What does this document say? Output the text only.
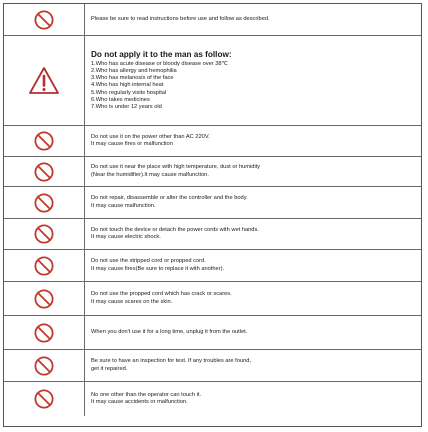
Please be sure to read instructions before use and follow as described.
Do not apply it to the man as follow:
1.Who has acute disease or bloody disease over 38℃
2.Who has allergy and hemophilia
3.Who has melanosis of the face
4.Who has high internal heat
5.Who regularly visits hospital
6.Who takes medicines
7.Who is under 12 years old
Do not use it on the power other than AC 220V.
It may cause fires or malfunction
Do not use it near the place with high temperature, dust or humidity
(Near the humidifier).It may cause malfunction.
Do not repair, disassemble or alter the controller and the body.
It may cause malfunction.
Do not touch the device or detach the power cords with wet hands.
It may cause electric shock.
Do not use the stripped cord or propped cord.
It may cause fires(Be sure to replace it with another).
Do not use the propped cord which has crack or scares.
It may cause scares on the skin.
When you don't use it for a long time, unplug it from the outlet.
Be sure to have an inspection for test. If any troubles are found,
get it repaired.
No one other than the operator can touch it.
It may cause accidents or malfunction.
